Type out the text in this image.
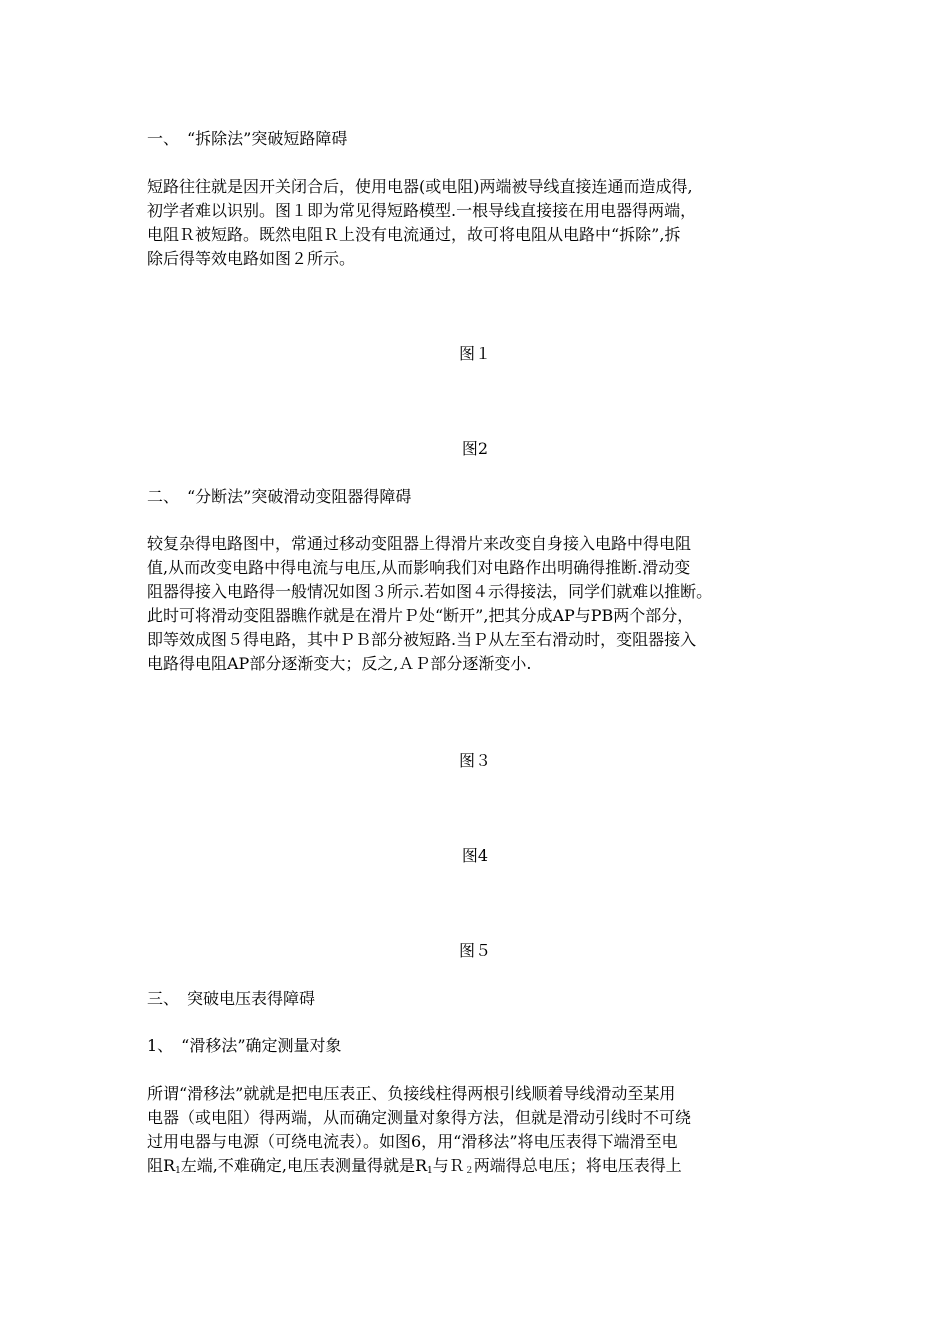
一、　“拆除法”突破短路障碍

短路往往就是因开关闭合后，使用电器(或电阻)两端被导线直接连通而造成得,
初学者难以识别。图１即为常见得短路模型.一根导线直接接在用电器得两端，
电阻Ｒ被短路。既然电阻Ｒ上没有电流通过，故可将电阻从电路中“拆除”,拆
除后得等效电路如图２所示。

图１

图2

二、　“分断法”突破滑动变阻器得障碍

较复杂得电路图中，常通过移动变阻器上得滑片来改变自身接入电路中得电阻
值,从而改变电路中得电流与电压,从而影响我们对电路作出明确得推断.滑动变
阻器得接入电路得一般情况如图３所示.若如图４示得接法，同学们就难以推断。
此时可将滑动变阻器瞧作就是在滑片Ｐ处“断开”,把其分成AP与PB两个部分，
即等效成图５得电路，其中ＰＢ部分被短路.当Ｐ从左至右滑动时，变阻器接入
电路得电阻AP部分逐渐变大；反之,ＡＰ部分逐渐变小.

图３

图4

图５

三、　突破电压表得障碍

1、　“滑移法”确定测量对象

所谓“滑移法”就就是把电压表正、负接线柱得两根引线顺着导线滑动至某用
电器（或电阻）得两端，从而确定测量对象得方法，但就是滑动引线时不可绕
过用电器与电源（可绕电流表）。如图6，用“滑移法”将电压表得下端滑至电
阻$R_1$左端,不难确定,电压表测量得就是$R_1$与Ｒ$_2$两端得总电压；将电压表得上
